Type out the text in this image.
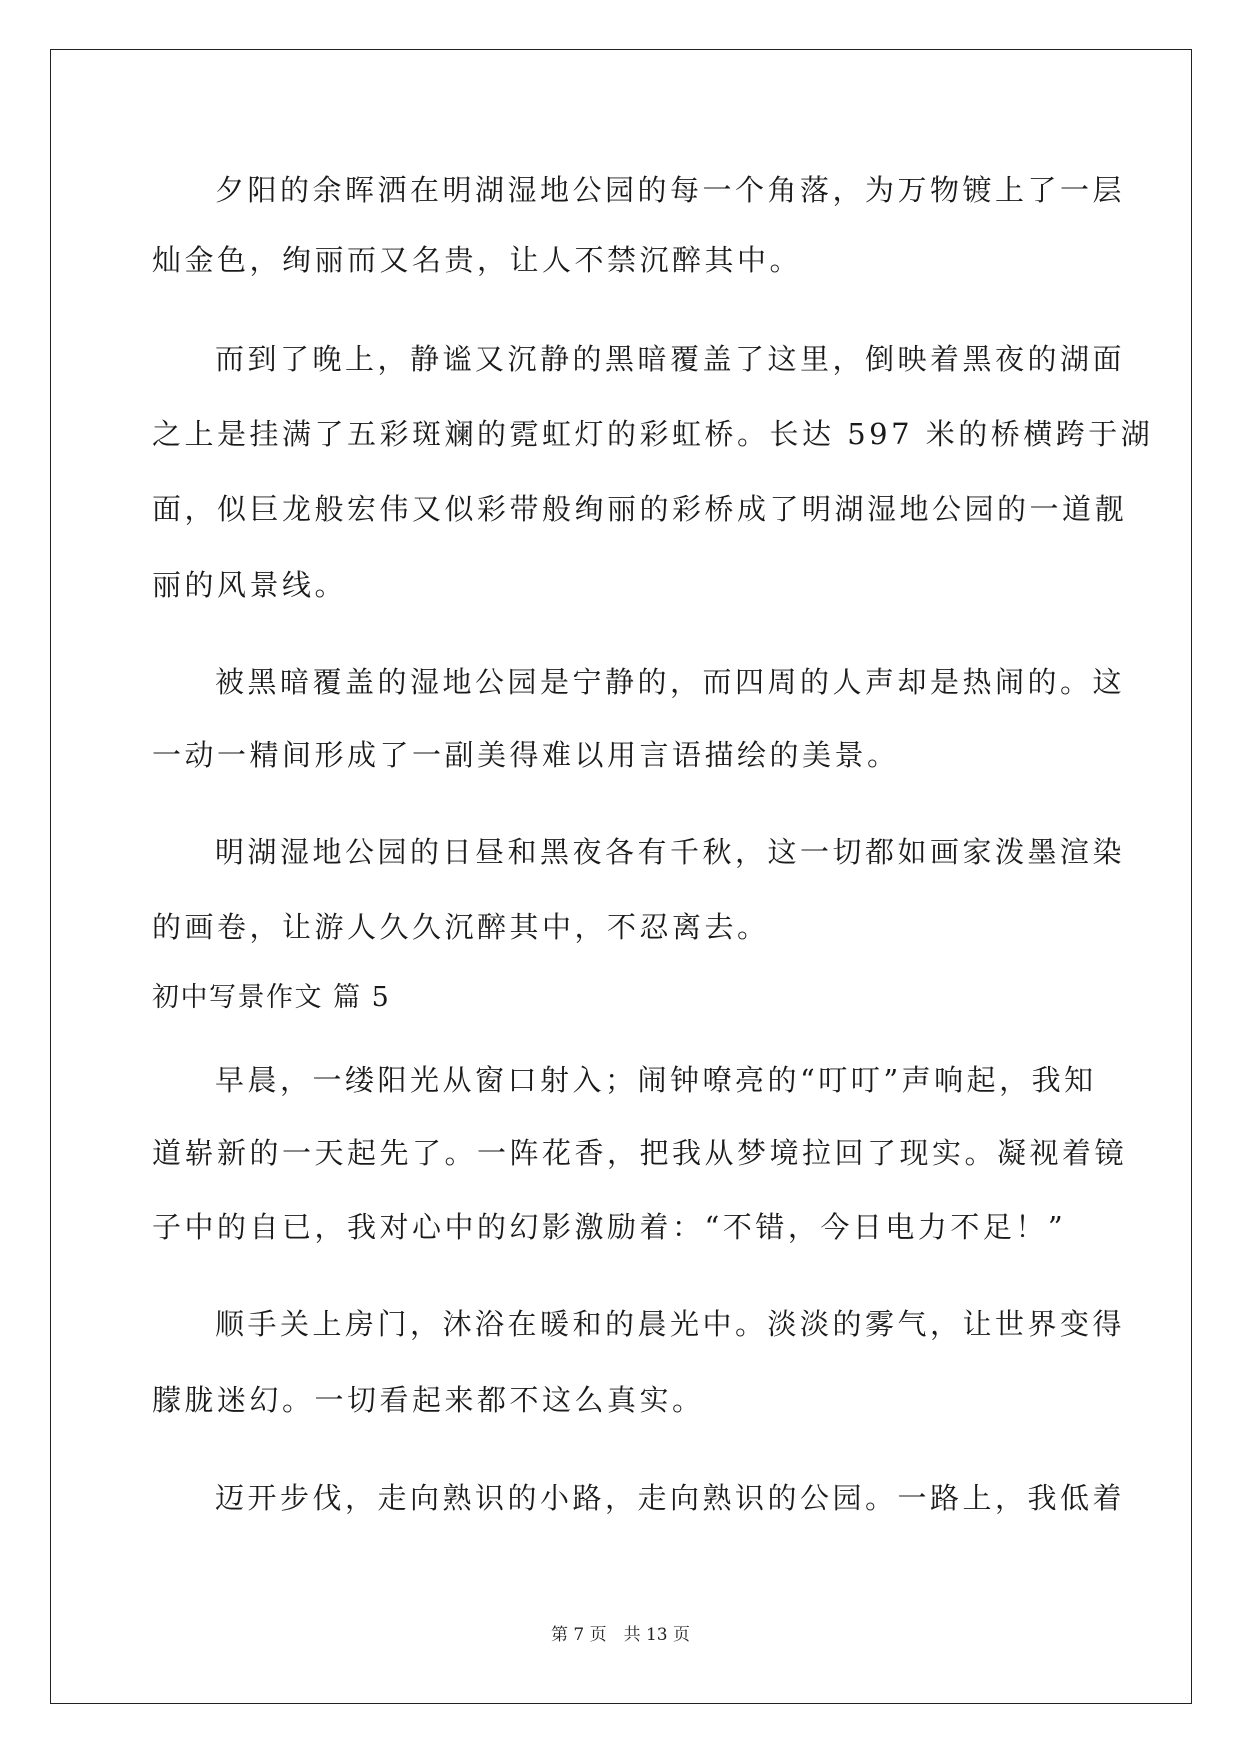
夕阳的余晖洒在明湖湿地公园的每一个角落，为万物镀上了一层
灿金色，绚丽而又名贵，让人不禁沉醉其中。
而到了晚上，静谧又沉静的黑暗覆盖了这里，倒映着黑夜的湖面
之上是挂满了五彩斑斓的霓虹灯的彩虹桥。长达 597 米的桥横跨于湖
面，似巨龙般宏伟又似彩带般绚丽的彩桥成了明湖湿地公园的一道靓
丽的风景线。
被黑暗覆盖的湿地公园是宁静的，而四周的人声却是热闹的。这
一动一精间形成了一副美得难以用言语描绘的美景。
明湖湿地公园的日昼和黑夜各有千秋，这一切都如画家泼墨渲染
的画卷，让游人久久沉醉其中，不忍离去。
初中写景作文 篇 5
早晨，一缕阳光从窗口射入；闹钟嘹亮的“叮叮”声响起，我知
道崭新的一天起先了。一阵花香，把我从梦境拉回了现实。凝视着镜
子中的自已，我对心中的幻影激励着：“不错，今日电力不足！”
顺手关上房门，沐浴在暖和的晨光中。淡淡的雾气，让世界变得
朦胧迷幻。一切看起来都不这么真实。
迈开步伐，走向熟识的小路，走向熟识的公园。一路上，我低着
第 7 页　共 13 页
